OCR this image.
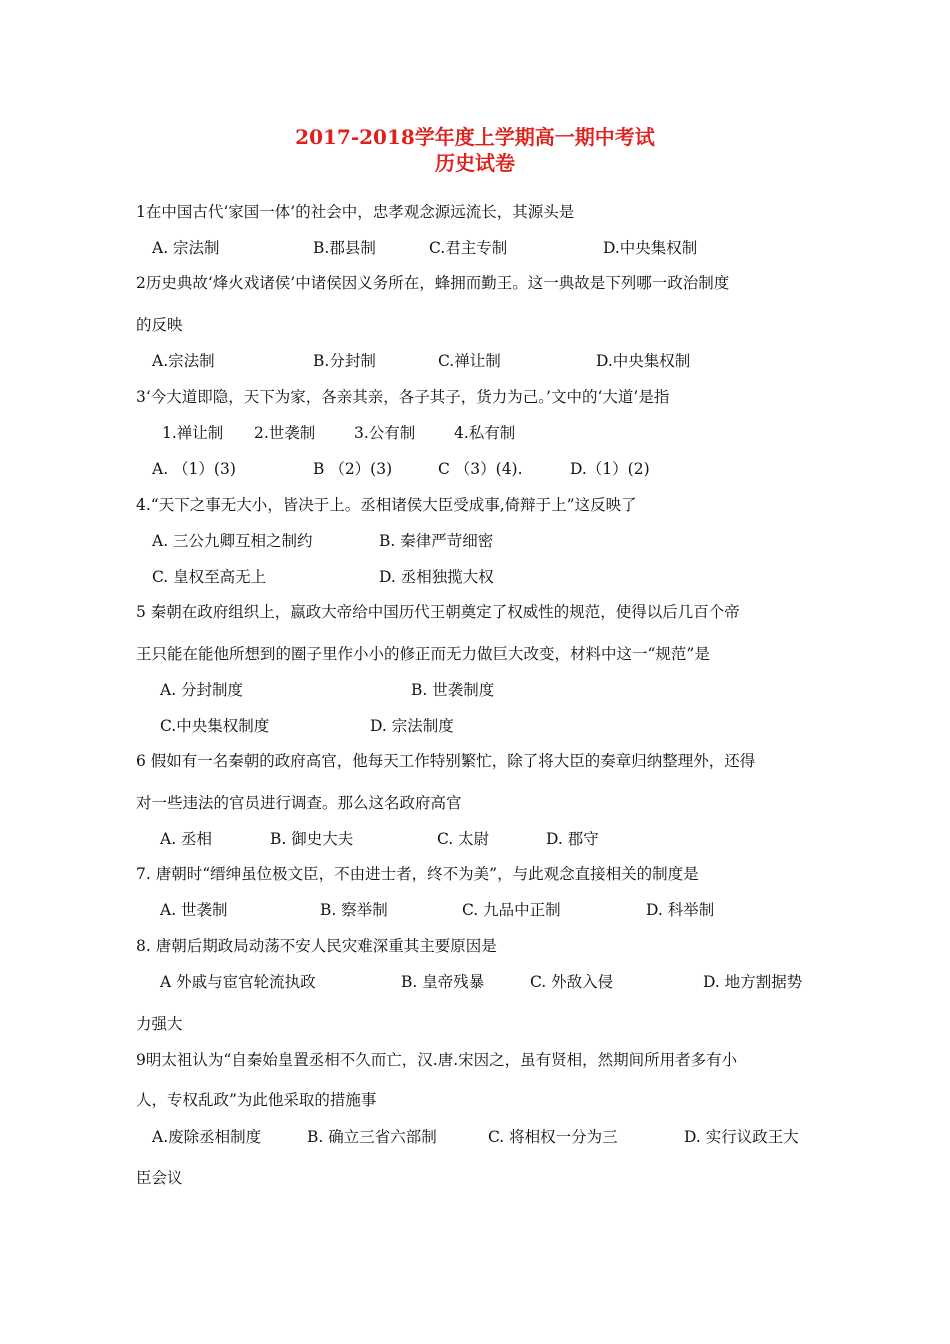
2017-2018学年度上学期高一期中考试
历史试卷
1在中国古代‘家国一体’的社会中，忠孝观念源远流长，其源头是
A. 宗法制	B.郡县制	C.君主专制	D.中央集权制
2历史典故‘烽火戏诸侯’中诸侯因义务所在，蜂拥而勤王。这一典故是下列哪一政治制度
的反映
A.宗法制	B.分封制	C.禅让制	D.中央集权制
3‘今大道即隐，天下为家，各亲其亲，各子其子，货力为己。’文中的‘大道’是指
1.禅让制 2.世袭制 3.公有制 4.私有制
A. （1）(3)	B （2）(3)	C （3）(4).	D.（1）(2)
4.“天下之事无大小，皆决于上。丞相诸侯大臣受成事,倚辩于上”这反映了
A. 三公九卿互相之制约	B. 秦律严苛细密
C. 皇权至高无上	D. 丞相独揽大权
5 秦朝在政府组织上，嬴政大帝给中国历代王朝奠定了权威性的规范，使得以后几百个帝
王只能在能他所想到的圈子里作小小的修正而无力做巨大改变，材料中这一“规范”是
A. 分封制度	B. 世袭制度
C.中央集权制度	D. 宗法制度
6 假如有一名秦朝的政府高官，他每天工作特别繁忙，除了将大臣的奏章归纳整理外，还得
对一些违法的官员进行调查。那么这名政府高官
A. 丞相	B. 御史大夫	C. 太尉	D. 郡守
7. 唐朝时“缙绅虽位极文臣，不由进士者，终不为美”，与此观念直接相关的制度是
A. 世袭制	B. 察举制	C. 九品中正制	D. 科举制
8. 唐朝后期政局动荡不安人民灾难深重其主要原因是
A 外戚与宦官轮流执政	B. 皇帝残暴	C. 外敌入侵	D. 地方割据势
力强大
9明太祖认为“自秦始皇置丞相不久而亡，汉.唐.宋因之，虽有贤相，然期间所用者多有小
人，专权乱政”为此他采取的措施事
A.废除丞相制度	B. 确立三省六部制	C. 将相权一分为三	D. 实行议政王大
臣会议
